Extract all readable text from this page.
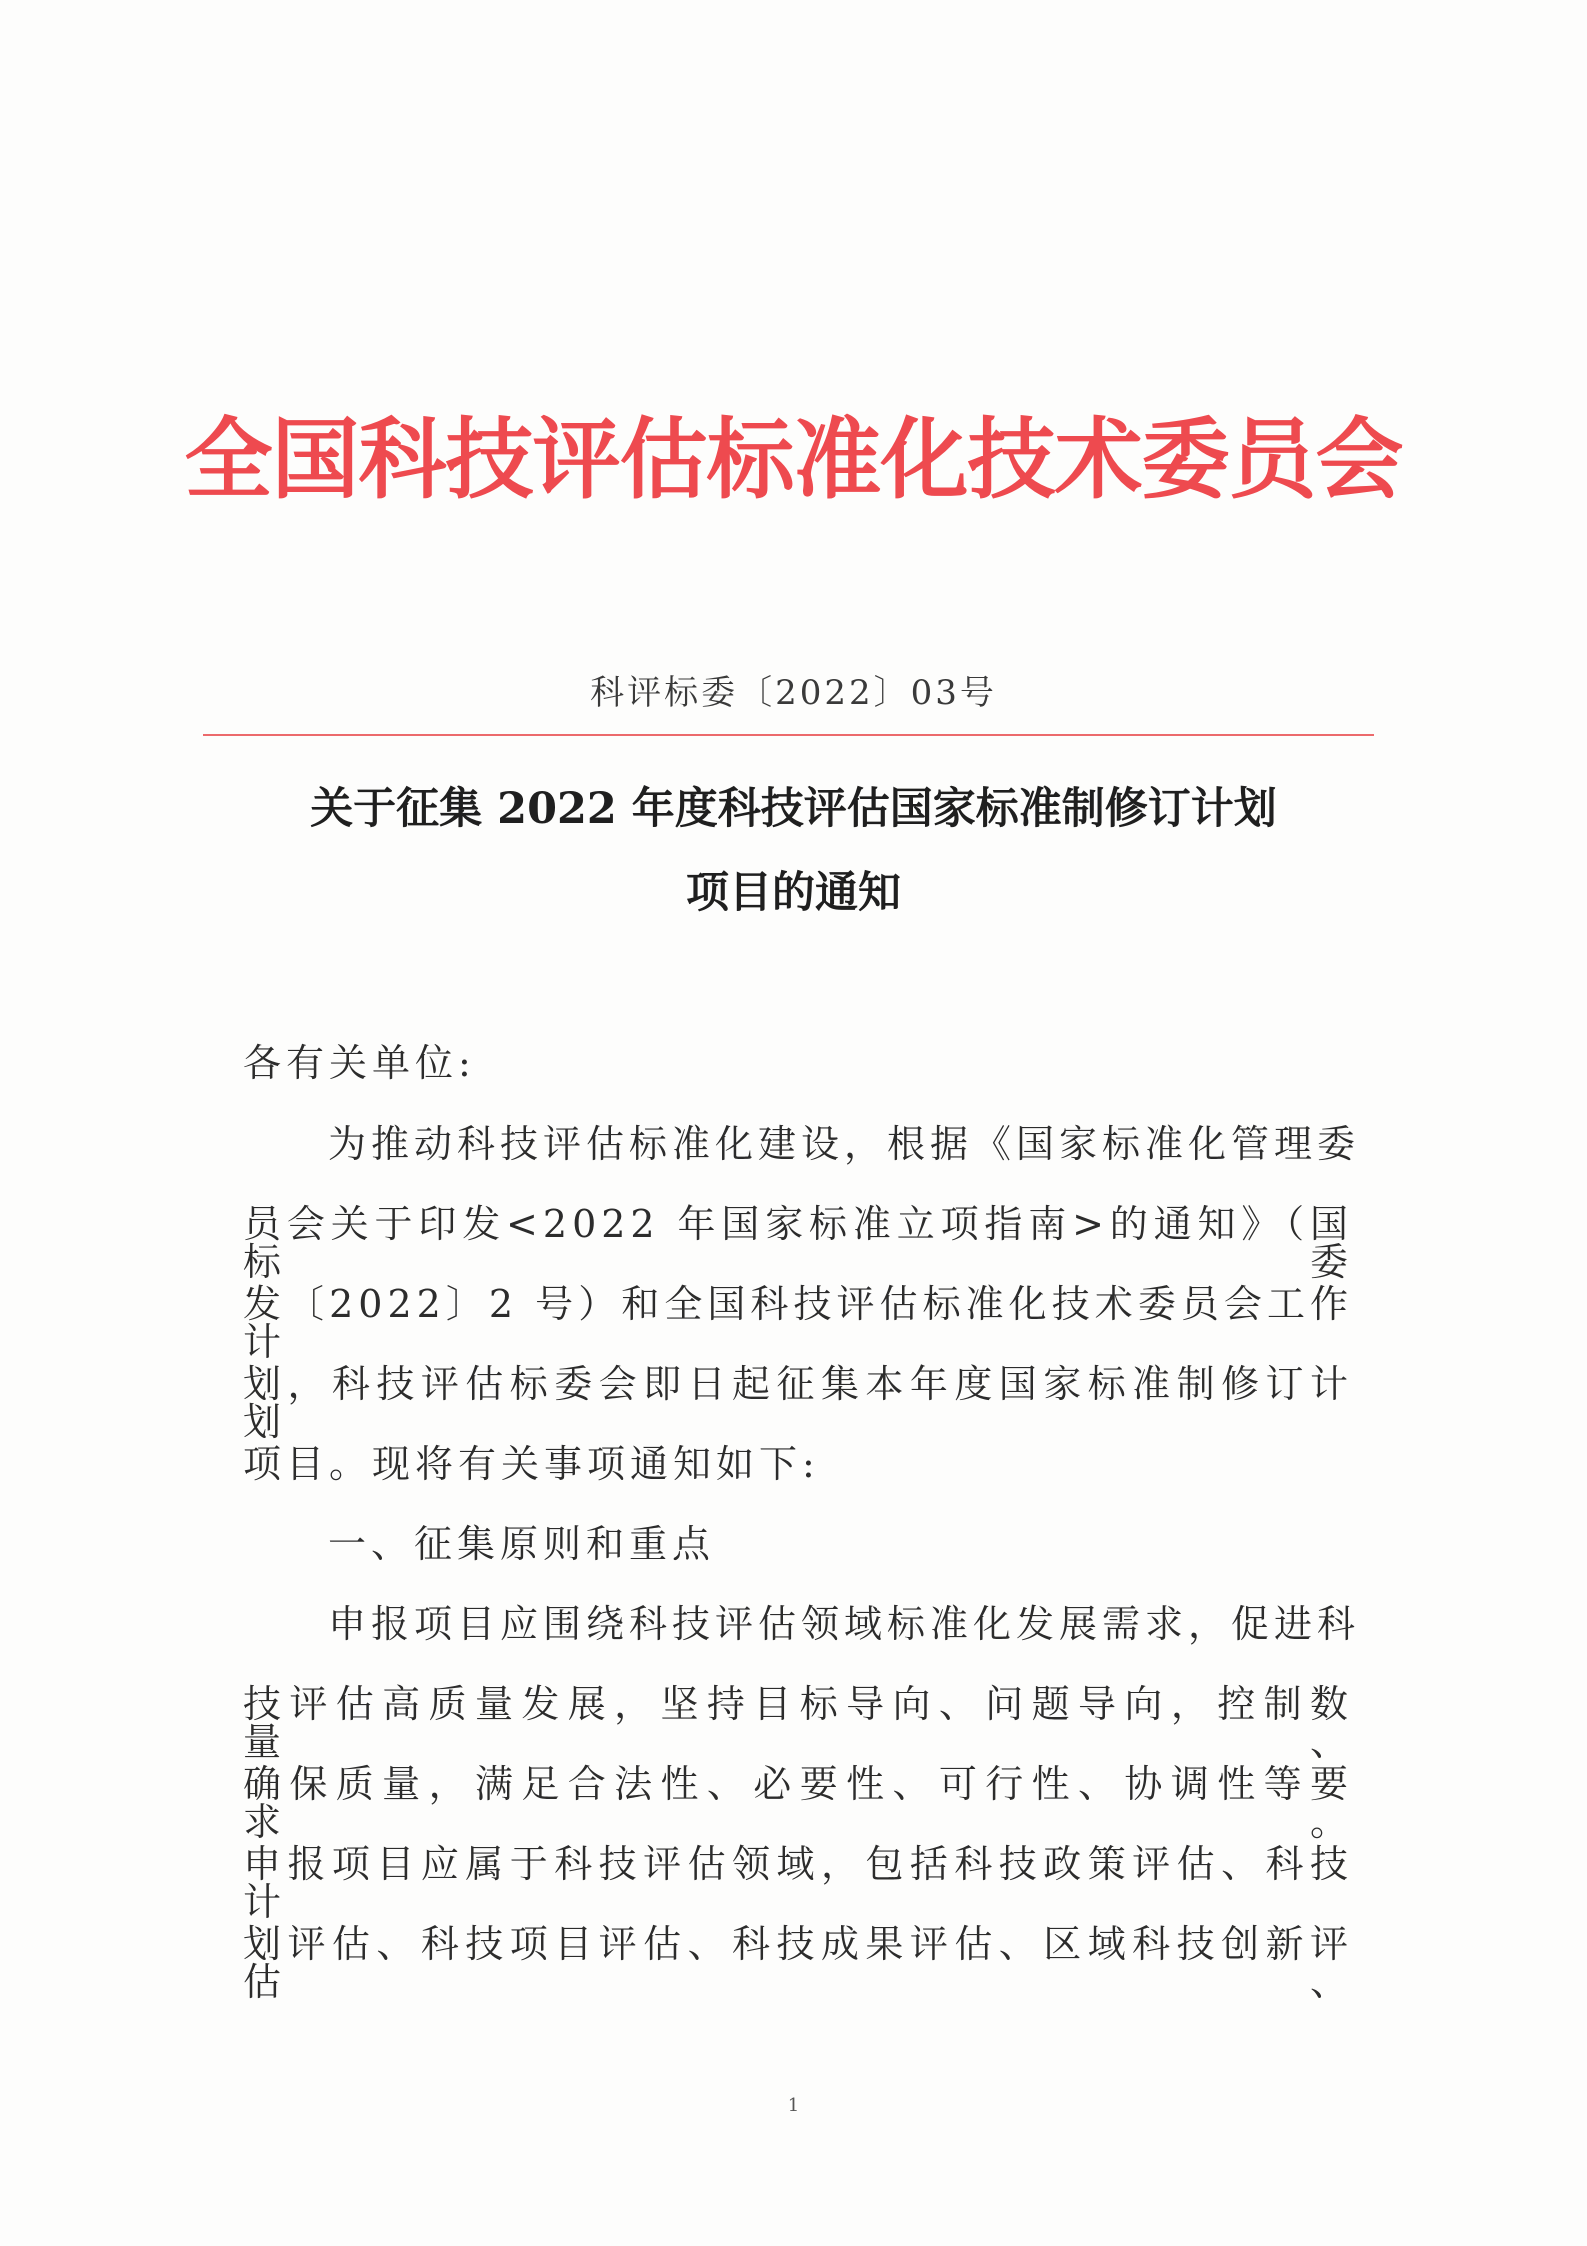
全国科技评估标准化技术委员会
科评标委〔2022〕03号
关于征集 2022 年度科技评估国家标准制修订计划
项目的通知
各有关单位:
为推动科技评估标准化建设，根据《国家标准化管理委
员会关于印发<2022 年国家标准立项指南>的通知》（国标委
发〔2022〕2 号）和全国科技评估标准化技术委员会工作计
划，科技评估标委会即日起征集本年度国家标准制修订计划
项目。现将有关事项通知如下:
一、征集原则和重点
申报项目应围绕科技评估领域标准化发展需求，促进科
技评估高质量发展，坚持目标导向、问题导向，控制数量、
确保质量，满足合法性、必要性、可行性、协调性等要求。
申报项目应属于科技评估领域，包括科技政策评估、科技计
划评估、科技项目评估、科技成果评估、区域科技创新评估、
1
